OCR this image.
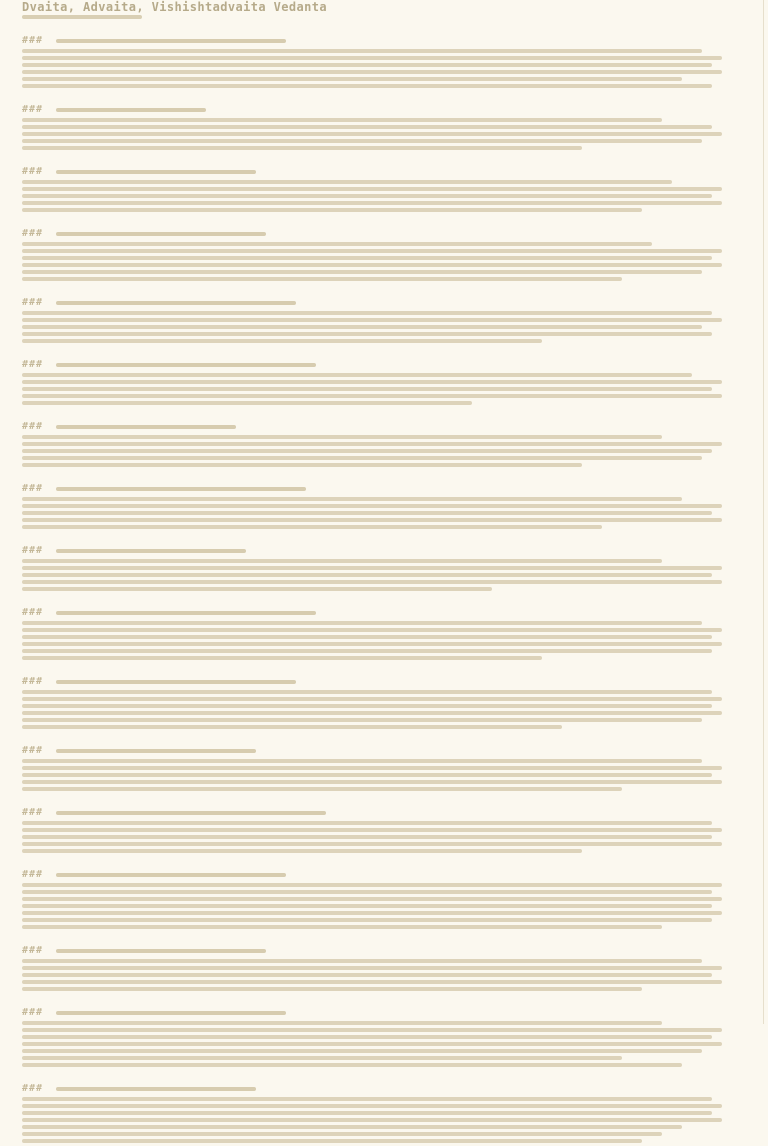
Dvaita, Advaita, Vishishtadvaita Vedanta
###
###
###
###
###
###
###
###
###
###
###
###
###
###
###
###
###
